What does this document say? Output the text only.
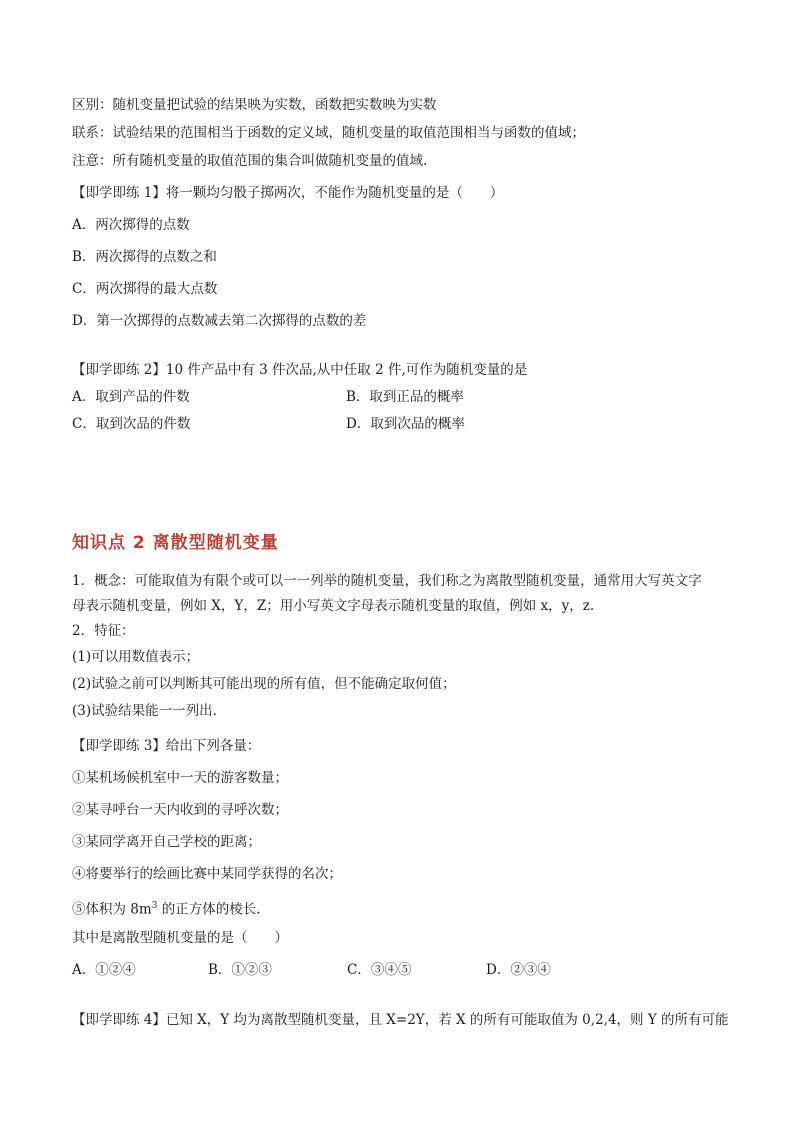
区别：随机变量把试验的结果映为实数，函数把实数映为实数
联系：试验结果的范围相当于函数的定义域，随机变量的取值范围相当与函数的值域；
注意：所有随机变量的取值范围的集合叫做随机变量的值域.
【即学即练 1】将一颗均匀骰子掷两次，不能作为随机变量的是（　　）
A．两次掷得的点数
B．两次掷得的点数之和
C．两次掷得的最大点数
D．第一次掷得的点数减去第二次掷得的点数的差
【即学即练 2】10 件产品中有 3 件次品,从中任取 2 件,可作为随机变量的是
A．取到产品的件数	B．取到正品的概率
C．取到次品的件数	D．取到次品的概率
知识点 2 离散型随机变量
1．概念：可能取值为有限个或可以一一列举的随机变量，我们称之为离散型随机变量，通常用大写英文字
母表示随机变量，例如 X，Y，Z；用小写英文字母表示随机变量的取值，例如 x，y，z.
2．特征：
(1)可以用数值表示；
(2)试验之前可以判断其可能出现的所有值，但不能确定取何值；
(3)试验结果能一一列出.
【即学即练 3】给出下列各量：
①某机场候机室中一天的游客数量；
②某寻呼台一天内收到的寻呼次数；
③某同学离开自己学校的距离；
④将要举行的绘画比赛中某同学获得的名次；
⑤体积为 $8m^3$ 的正方体的棱长.
其中是离散型随机变量的是（　　）
A．①②④	B．①②③	C．③④⑤	D．②③④
【即学即练 4】已知 X，Y 均为离散型随机变量，且 X=2Y，若 X 的所有可能取值为 0,2,4，则 Y 的所有可能
